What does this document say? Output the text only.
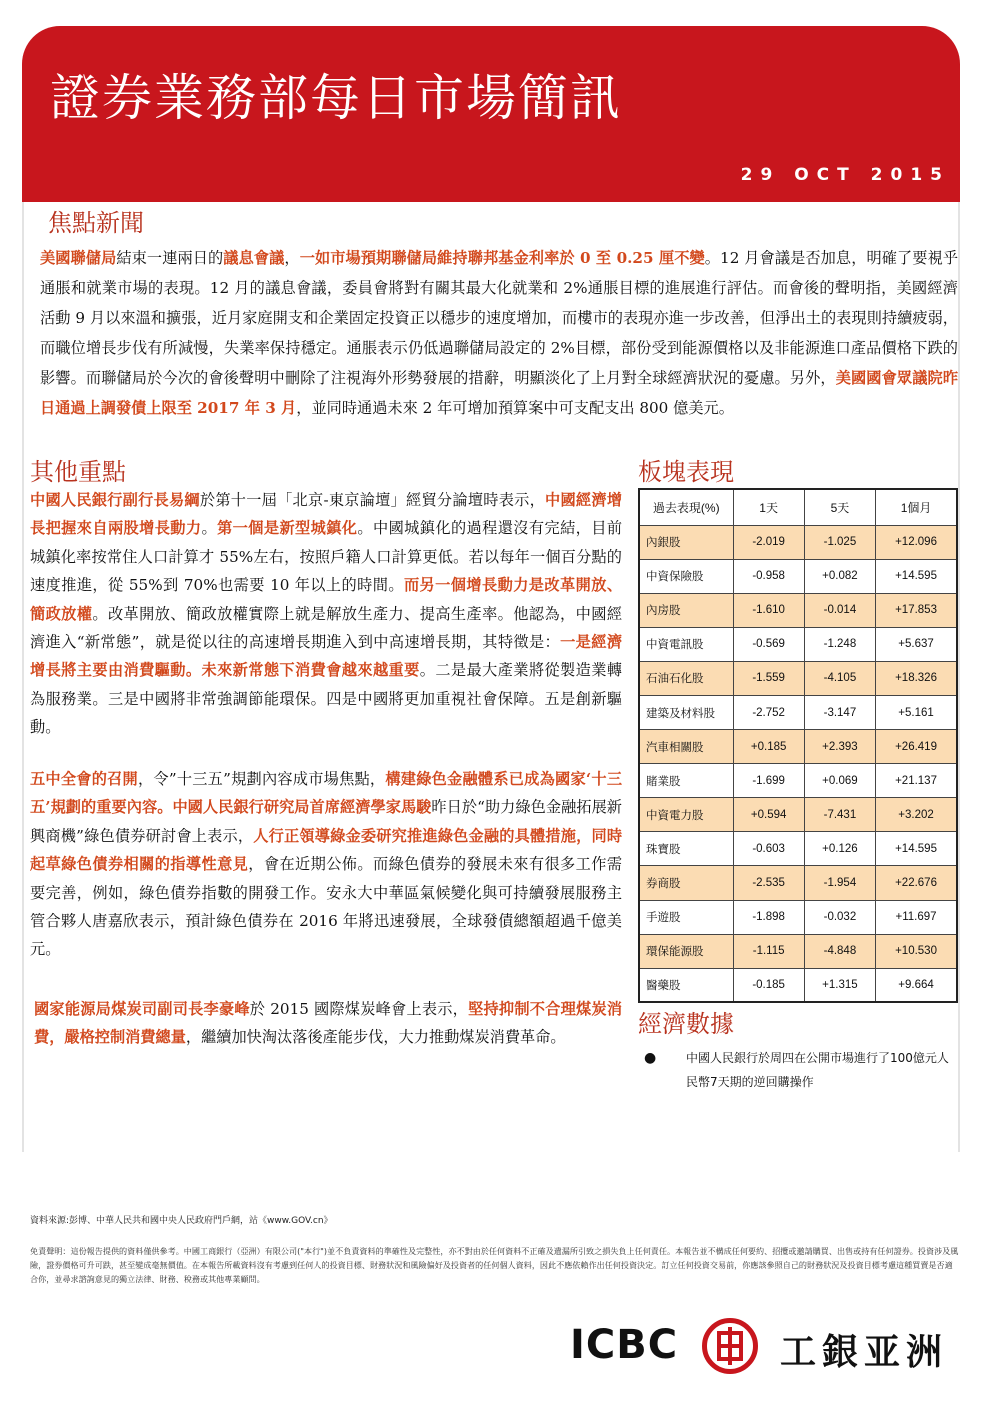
證券業務部每日市場簡訊
29 OCT 2015
焦點新聞
美國聯儲局結束一連兩日的議息會議，一如市場預期聯儲局維持聯邦基金利率於 0 至 0.25 厘不變。12 月會議是否加息，明確了要視乎通脹和就業市場的表現。12 月的議息會議，委員會將對有關其最大化就業和 2%通脹目標的進展進行評估。而會後的聲明指，美國經濟活動 9 月以來溫和擴張，近月家庭開支和企業固定投資正以穩步的速度增加，而樓市的表現亦進一步改善，但淨出土的表現則持續疲弱，而職位增長步伐有所減慢，失業率保持穩定。通脹表示仍低過聯儲局設定的 2%目標，部份受到能源價格以及非能源進口產品價格下跌的影響。而聯儲局於今次的會後聲明中刪除了注視海外形勢發展的措辭，明顯淡化了上月對全球經濟狀況的憂慮。另外，美國國會眾議院昨日通過上調發債上限至 2017 年 3 月，並同時通過未來 2 年可增加預算案中可支配支出 800 億美元。
其他重點
中國人民銀行副行長易綱於第十一屆「北京-東京論壇」經貿分論壇時表示，中國經濟增長把握來自兩股增長動力。第一個是新型城鎮化。中國城鎮化的過程還沒有完結，目前城鎮化率按常住人口計算才 55%左右，按照戶籍人口計算更低。若以每年一個百分點的速度推進，從 55%到 70%也需要 10 年以上的時間。而另一個增長動力是改革開放、簡政放權。改革開放、簡政放權實際上就是解放生產力、提高生產率。他認為，中國經濟進入“新常態”，就是從以往的高速增長期進入到中高速增長期，其特徵是：一是經濟增長將主要由消費驅動。未來新常態下消費會越來越重要。二是最大產業將從製造業轉為服務業。三是中國將非常強調節能環保。四是中國將更加重視社會保障。五是創新驅動。
五中全會的召開，令”十三五”規劃內容成市場焦點，構建綠色金融體系已成為國家‘十三五’規劃的重要內容。中國人民銀行研究局首席經濟學家馬駿昨日於“助力綠色金融拓展新興商機”綠色債券研討會上表示，人行正領導綠金委研究推進綠色金融的具體措施，同時起草綠色債券相關的指導性意見，會在近期公佈。而綠色債券的發展未來有很多工作需要完善，例如，綠色債券指數的開發工作。安永大中華區氣候變化與可持續發展服務主管合夥人唐嘉欣表示，預計綠色債券在 2016 年將迅速發展，全球發債總額超過千億美元。
國家能源局煤炭司副司長李豪峰於 2015 國際煤炭峰會上表示，堅持抑制不合理煤炭消費，嚴格控制消費總量，繼續加快淘汰落後產能步伐，大力推動煤炭消費革命。
板塊表現
過去表現(%)	1天	5天	1個月
內銀股	-2.019	-1.025	+12.096
中資保險股	-0.958	+0.082	+14.595
內房股	-1.610	-0.014	+17.853
中資電訊股	-0.569	-1.248	+5.637
石油石化股	-1.559	-4.105	+18.326
建築及材料股	-2.752	-3.147	+5.161
汽車相關股	+0.185	+2.393	+26.419
賭業股	-1.699	+0.069	+21.137
中資電力股	+0.594	-7.431	+3.202
珠寶股	-0.603	+0.126	+14.595
券商股	-2.535	-1.954	+22.676
手遊股	-1.898	-0.032	+11.697
環保能源股	-1.115	-4.848	+10.530
醫藥股	-0.185	+1.315	+9.664
經濟數據
● 中國人民銀行於周四在公開市場進行了100億元人民幣7天期的逆回購操作
資料來源:彭博、中華人民共和國中央人民政府門戶網，站《www.GOV.cn》
免責聲明：這份報告提供的資料僅供參考。中國工商銀行（亞洲）有限公司("本行")並不負責資料的準確性及完整性，亦不對由於任何資料不正確及遺漏所引致之損失負上任何責任。本報告並不構成任何要約、招攬或邀請購買、出售或持有任何證券。投資涉及風險，證券價格可升可跌，甚至變成毫無價值。在本報告所載資料沒有考慮到任何人的投資目標、財務狀況和風險偏好及投資者的任何個人資料，因此不應依賴作出任何投資決定。訂立任何投資交易前，你應該參照自己的財務狀況及投資目標考慮這種買賣是否適合你，並尋求諮詢意見的獨立法律、財務、稅務或其他專業顧問。
ICBC	工銀亚洲
